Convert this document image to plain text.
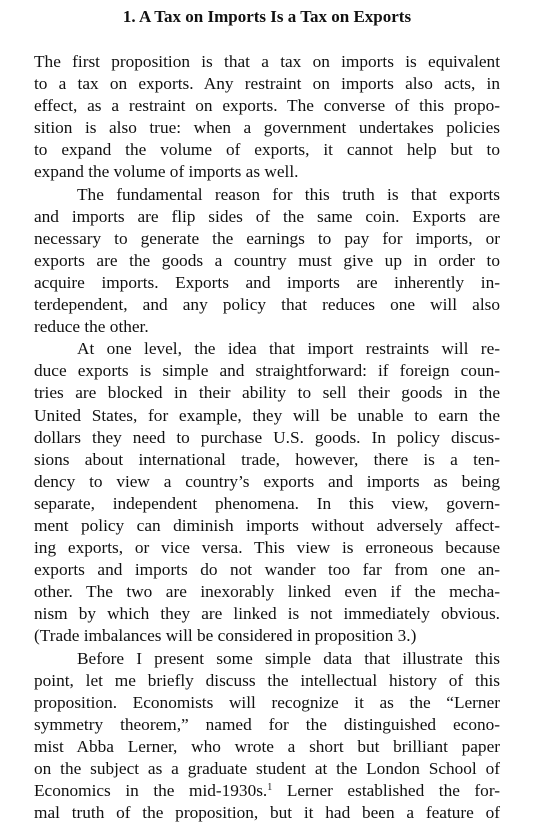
1. A Tax on Imports Is a Tax on Exports

The first proposition is that a tax on imports is equivalent
to a tax on exports. Any restraint on imports also acts, in
effect, as a restraint on exports. The converse of this propo-
sition is also true: when a government undertakes policies
to expand the volume of exports, it cannot help but to
expand the volume of imports as well.

The fundamental reason for this truth is that exports
and imports are flip sides of the same coin. Exports are
necessary to generate the earnings to pay for imports, or
exports are the goods a country must give up in order to
acquire imports. Exports and imports are inherently in-
terdependent, and any policy that reduces one will also
reduce the other.

At one level, the idea that import restraints will re-
duce exports is simple and straightforward: if foreign coun-
tries are blocked in their ability to sell their goods in the
United States, for example, they will be unable to earn the
dollars they need to purchase U.S. goods. In policy discus-
sions about international trade, however, there is a ten-
dency to view a country’s exports and imports as being
separate, independent phenomena. In this view, govern-
ment policy can diminish imports without adversely affect-
ing exports, or vice versa. This view is erroneous because
exports and imports do not wander too far from one an-
other. The two are inexorably linked even if the mecha-
nism by which they are linked is not immediately obvious.
(Trade imbalances will be considered in proposition 3.)

Before I present some simple data that illustrate this
point, let me briefly discuss the intellectual history of this
proposition. Economists will recognize it as the “Lerner
symmetry theorem,” named for the distinguished econo-
mist Abba Lerner, who wrote a short but brilliant paper
on the subject as a graduate student at the London School of
Economics in the mid-1930s.$^1$ Lerner established the for-
mal truth of the proposition, but it had been a feature of
